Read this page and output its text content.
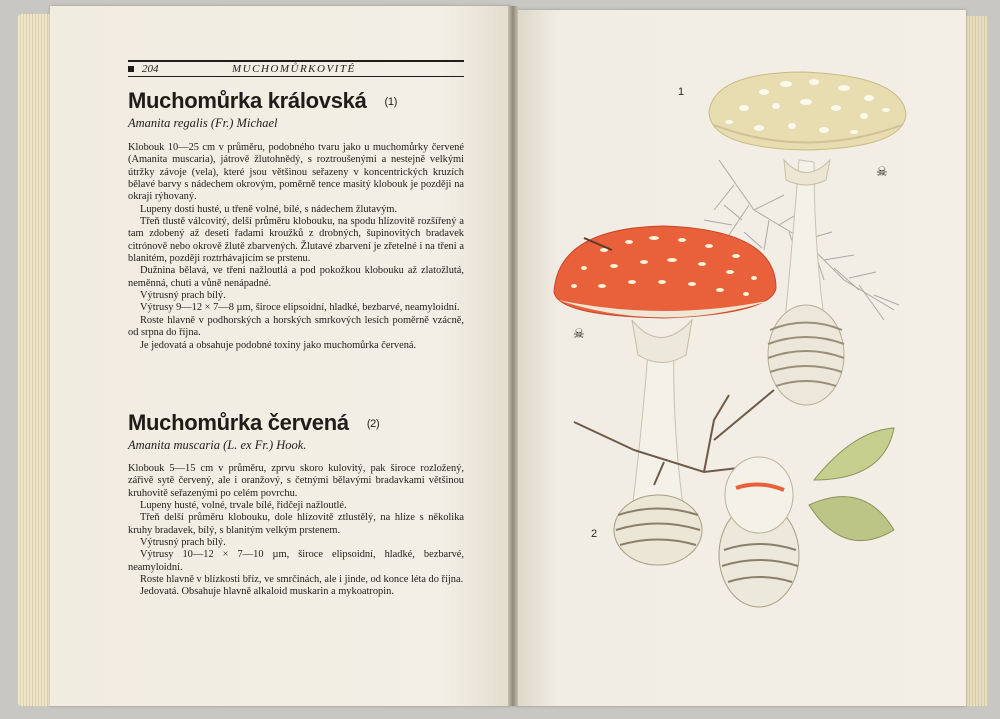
204	MUCHOMŮRKOVITÉ
Muchomůrka královská (1)
Amanita regalis (Fr.) Michael

Klobouk 10—25 cm v průměru, podobného tvaru jako u muchomůrky červené (Amanita muscaria), játrově žlutohnědý, s roztroušenými a nestejně velkými útržky závoje (vela), které jsou většinou seřazeny v koncentrických kruzích bělavé barvy s nádechem okrovým, poměrně tence masitý klobouk je později na okraji rýhovaný.

Lupeny dosti husté, u třeně volné, bílé, s nádechem žlutavým.

Třeň tlustě válcovitý, delší průměru klobouku, na spodu hlízovitě rozšířený a tam zdobený až deseti řadami kroužků z drobných, šupinovitých bradavek citrónově nebo okrově žlutě zbarvených. Žlutavé zbarvení je zřetelné i na třeni a blanitém, později roztrhávajícím se prstenu.

Dužnina bělavá, ve třeni nažloutlá a pod pokožkou klobouku až zlatožlutá, neměnná, chuti a vůně nenápadné.

Výtrusný prach bílý.

Výtrusy 9—12 × 7—8 µm, široce elipsoidní, hladké, bezbarvé, neamyloidní.

Roste hlavně v podhorských a horských smrkových lesích poměrně vzácně, od srpna do října.

Je jedovatá a obsahuje podobné toxiny jako muchomůrka červená.

Muchomůrka červená (2)
Amanita muscaria (L. ex Fr.) Hook.

Klobouk 5—15 cm v průměru, zprvu skoro kulovitý, pak široce rozložený, zářivě sytě červený, ale i oranžový, s četnými bělavými bradavkami většinou kruhovitě seřazenými po celém povrchu.

Lupeny husté, volné, trvale bílé, řidčeji nažloutlé.

Třeň delší průměru klobouku, dole hlízovitě ztlustělý, na hlíze s několika kruhy bradavek, bílý, s blanitým velkým prstenem.

Výtrusný prach bílý.

Výtrusy 10—12 × 7—10 µm, široce elipsoidní, hladké, bezbarvé, neamyloidní.

Roste hlavně v blízkosti bříz, ve smrčinách, ale i jinde, od konce léta do října.

Jedovatá. Obsahuje hlavně alkaloid muskarin a mykoatropin.

1
2
☠
☠
